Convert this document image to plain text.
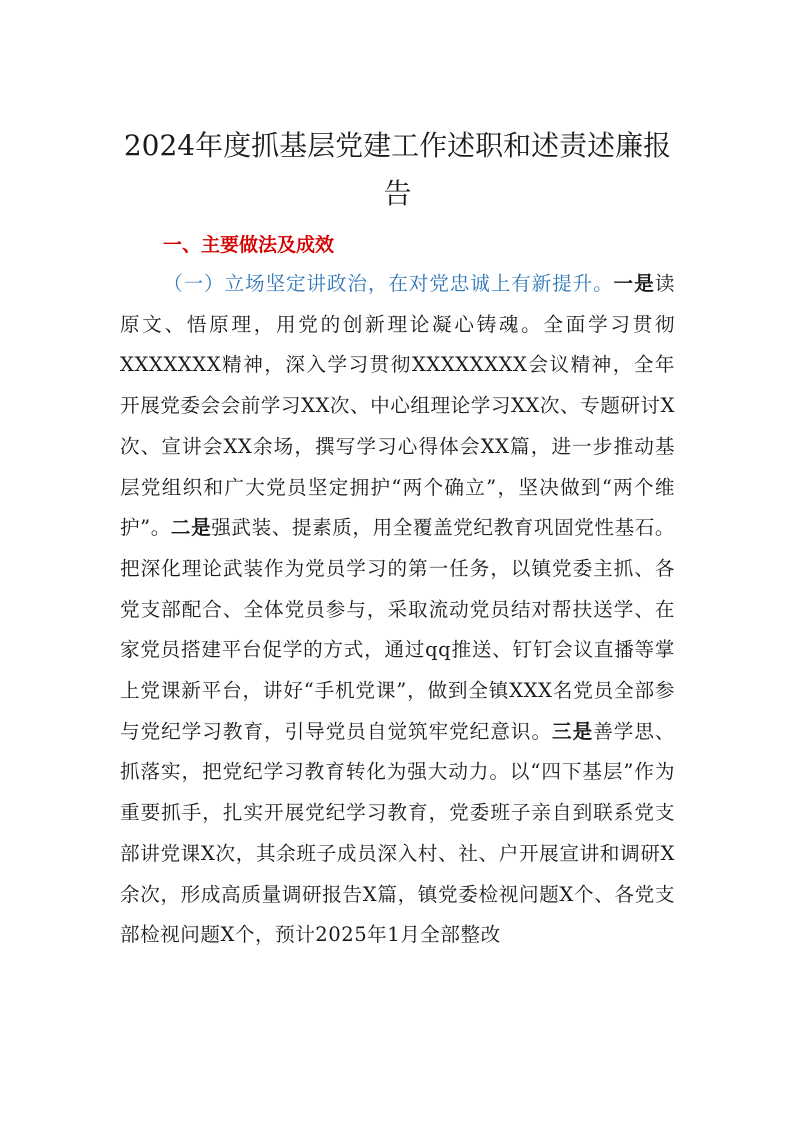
2024年度抓基层党建工作述职和述责述廉报告
一、主要做法及成效

（一）立场坚定讲政治，在对党忠诚上有新提升。一是读原文、悟原理，用党的创新理论凝心铸魂。全面学习贯彻XXXXXXX精神，深入学习贯彻XXXXXXXX会议精神，全年开展党委会会前学习XX次、中心组理论学习XX次、专题研讨X次、宣讲会XX余场，撰写学习心得体会XX篇，进一步推动基层党组织和广大党员坚定拥护“两个确立”，坚决做到“两个维护”。二是强武装、提素质，用全覆盖党纪教育巩固党性基石。把深化理论武装作为党员学习的第一任务，以镇党委主抓、各党支部配合、全体党员参与，采取流动党员结对帮扶送学、在家党员搭建平台促学的方式，通过qq推送、钉钉会议直播等掌上党课新平台，讲好“手机党课”，做到全镇XXX名党员全部参与党纪学习教育，引导党员自觉筑牢党纪意识。三是善学思、抓落实，把党纪学习教育转化为强大动力。以“四下基层”作为重要抓手，扎实开展党纪学习教育，党委班子亲自到联系党支部讲党课X次，其余班子成员深入村、社、户开展宣讲和调研X余次，形成高质量调研报告X篇，镇党委检视问题X个、各党支部检视问题X个，预计2025年1月全部整改
